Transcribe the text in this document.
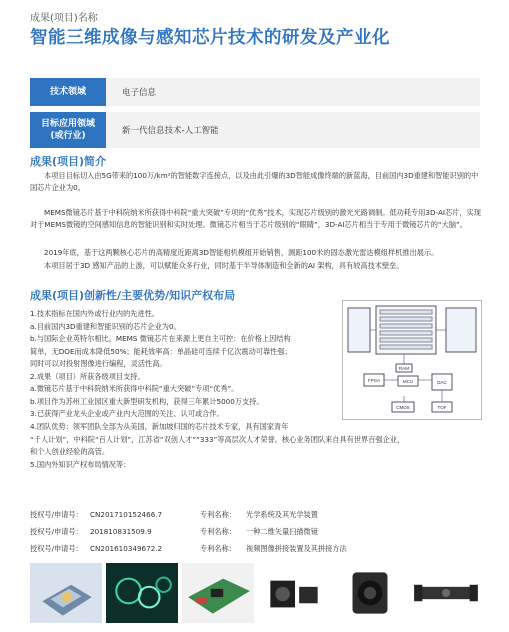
成果(项目)名称
智能三维成像与感知芯片技术的研发及产业化
技术领域	电子信息
目标应用领域
(或行业)	新一代信息技术-人工智能
成果(项目)简介
本项目目标切入由5G带来的100万/km²的智能数字连接点，以及由此引爆的3D智能成像终端的新蓝海，目前国内3D重建和智能识别的中国芯片企业为0。
MEMS微镜芯片基于中科院纳米所获得中科院“重大突破”专项的“优秀”技术，实现芯片级别的激光光路调制。低功耗专用3D-AI芯片，实现对于MEMS微镜的空间感知信息的智能识别和实时处理。微镜芯片相当于芯片级别的“眼睛”，3D-AI芯片相当于专用于微镜芯片的“大脑”。
2019年底，基于这两颗核心芯片的高精度近距离3D智能相机模组开始销售，测距100米的固态激光雷达模组样机推出展示。
本项目居于3D 感知产品的上游，可以赋能众多行业，同时基于半导体制造和全新的AI 架构，具有较高技术壁垒。
成果(项目)创新性/主要优势/知识产权布局
1.技术指标在国内外或行业内的先进性。
a.目前国内3D重建和智能识别的芯片企业为0。
b.与国际企业英特尔相比，MEMS 微镜芯片在来源上更自主可控：在价格上因结构
简单，无DOE而成本降低50%；能耗效率高：单晶硅可连续千亿次震动可靠性强；
同时可以对投射图像进行编程，灵活性高。
2.成果（项目）所获各级项目支持。
a.微镜芯片基于中科院纳米所获得中科院“重大突破”专项“优秀”。
b.项目作为苏州工业园区重大新型研发机构，获得三年累计5000万支持。
3.已获得产业龙头企业或产业内大范围的关注、认可或合作。
4.团队优势：领军团队全部为从美国，新加坡归国的芯片技术专家，具有国家青年
“千人计划”，中科院“百人计划”，江苏省“双创人才”“333”等高层次人才荣誉。核心业务团队来自具有世界百强企业，
和个人创业经验的高管。
5.国内外知识产权布局情况等：
授权号/申请号：	CN201710152466.7	专利名称：	光学系统及其光学装置
授权号/申请号：	201810831509.9	专利名称：	一种二维矢量扫描微镜
授权号/申请号：	CN201610349672.2	专利名称：	视频图像拼接装置及其拼接方法
RAM
FPGA	MCU	DAC
CMOS	TOF
